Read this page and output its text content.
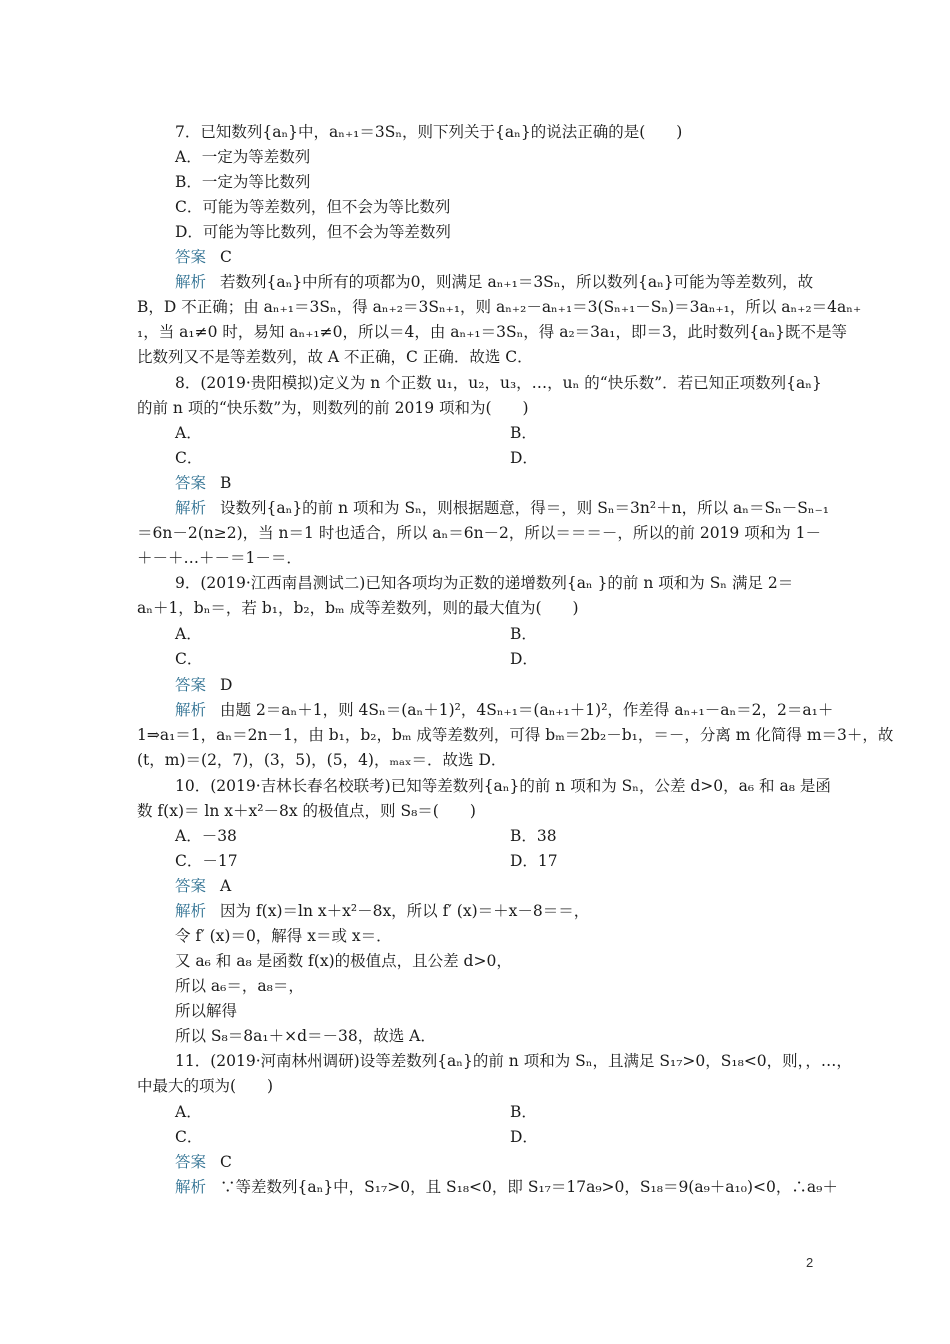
7．已知数列{aₙ}中，aₙ₊₁＝3Sₙ，则下列关于{aₙ}的说法正确的是(　　)
A．一定为等差数列
B．一定为等比数列
C．可能为等差数列，但不会为等比数列
D．可能为等比数列，但不会为等差数列
答案 C
解析 若数列{aₙ}中所有的项都为0，则满足 aₙ₊₁＝3Sₙ，所以数列{aₙ}可能为等差数列，故
B，D 不正确；由 aₙ₊₁＝3Sₙ，得 aₙ₊₂＝3Sₙ₊₁，则 aₙ₊₂－aₙ₊₁＝3(Sₙ₊₁－Sₙ)＝3aₙ₊₁，所以 aₙ₊₂＝4aₙ₊
₁，当 a₁≠0 时，易知 aₙ₊₁≠0，所以＝4，由 aₙ₊₁＝3Sₙ，得 a₂＝3a₁，即＝3，此时数列{aₙ}既不是等
比数列又不是等差数列，故 A 不正确，C 正确．故选 C．
8．(2019·贵阳模拟)定义为 n 个正数 u₁，u₂，u₃，…，uₙ 的“快乐数”．若已知正项数列{aₙ}
的前 n 项的“快乐数”为，则数列的前 2019 项和为(　　)
A．	B．
C．	D．
答案 B
解析 设数列{aₙ}的前 n 项和为 Sₙ，则根据题意，得＝，则 Sₙ＝3n²＋n，所以 aₙ＝Sₙ－Sₙ₋₁
＝6n－2(n≥2)，当 n＝1 时也适合，所以 aₙ＝6n－2，所以＝＝＝－，所以的前 2019 项和为 1－
＋－＋…＋－＝1－＝．
9．(2019·江西南昌测试二)已知各项均为正数的递增数列{aₙ }的前 n 项和为 Sₙ 满足 2＝
aₙ＋1，bₙ＝，若 b₁，b₂，bₘ 成等差数列，则的最大值为(　　)
A．	B．
C．	D．
答案 D
解析 由题 2＝aₙ＋1，则 4Sₙ＝(aₙ＋1)²，4Sₙ₊₁＝(aₙ₊₁＋1)²，作差得 aₙ₊₁－aₙ＝2，2＝a₁＋
1⇒a₁＝1，aₙ＝2n－1，由 b₁，b₂，bₘ 成等差数列，可得 bₘ＝2b₂－b₁，＝－，分离 m 化简得 m＝3＋，故
(t，m)＝(2，7)，(3，5)，(5，4)，ₘₐₓ＝．故选 D．
10．(2019·吉林长春名校联考)已知等差数列{aₙ}的前 n 项和为 Sₙ，公差 d>0，a₆ 和 a₈ 是函
数 f(x)＝ ln x＋x²－8x 的极值点，则 S₈＝(　　)
A．－38	B．38
C．－17	D．17
答案 A
解析 因为 f(x)＝ln x＋x²－8x，所以 f′ (x)＝＋x－8＝＝，
令 f′ (x)＝0，解得 x＝或 x＝．
又 a₆ 和 a₈ 是函数 f(x)的极值点，且公差 d>0，
所以 a₆＝，a₈＝，
所以解得
所以 S₈＝8a₁＋×d＝－38，故选 A．
11．(2019·河南林州调研)设等差数列{aₙ}的前 n 项和为 Sₙ，且满足 S₁₇>0，S₁₈<0，则，，…，
中最大的项为(　　)
A．	B．
C．	D．
答案 C
解析 ∵等差数列{aₙ}中，S₁₇>0，且 S₁₈<0，即 S₁₇＝17a₉>0，S₁₈＝9(a₉＋a₁₀)<0，∴a₉＋
2
